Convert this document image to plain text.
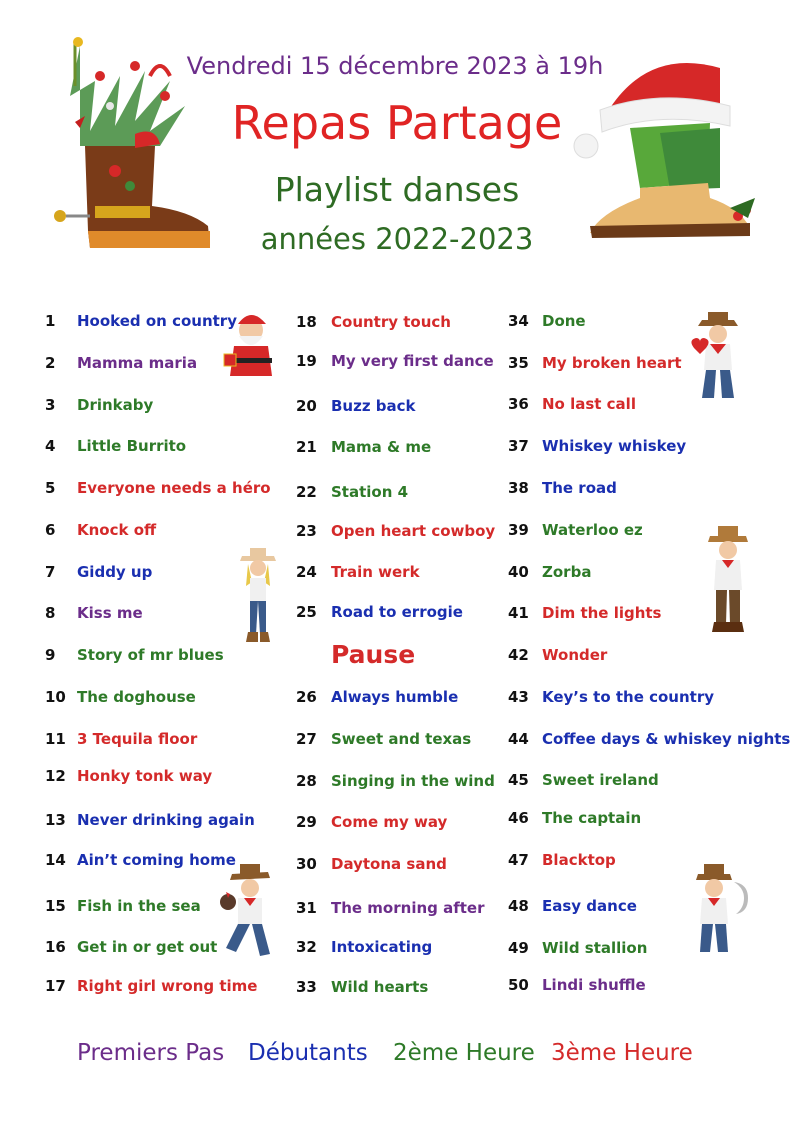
Vendredi 15 décembre 2023 à 19h
Repas Partage
Playlist danses
années 2022-2023
1 Hooked on country
2 Mamma maria
3 Drinkaby
4 Little Burrito
5 Everyone needs a héro
6 Knock off
7 Giddy up
8 Kiss me
9 Story of mr blues
10 The doghouse
11 3 Tequila floor
12 Honky tonk way
13 Never drinking again
14 Ain’t coming home
15 Fish in the sea
16 Get in or get out
17 Right girl wrong time
18 Country touch
19 My very first dance
20 Buzz back
21 Mama & me
22 Station 4
23 Open heart cowboy
24 Train werk
25 Road to errogie
26 Always humble
27 Sweet and texas
28 Singing in the wind
29 Come my way
30 Daytona sand
31 The morning after
32 Intoxicating
33 Wild hearts
34 Done
35 My broken heart
36 No last call
37 Whiskey whiskey
38 The road
39 Waterloo ez
40 Zorba
41 Dim the lights
42 Wonder
43 Key’s to the country
44 Coffee days & whiskey nights
45 Sweet ireland
46 The captain
47 Blacktop
48 Easy dance
49 Wild stallion
50 Lindi shuffle
Pause
Premiers Pas Débutants 2ème Heure 3ème Heure
